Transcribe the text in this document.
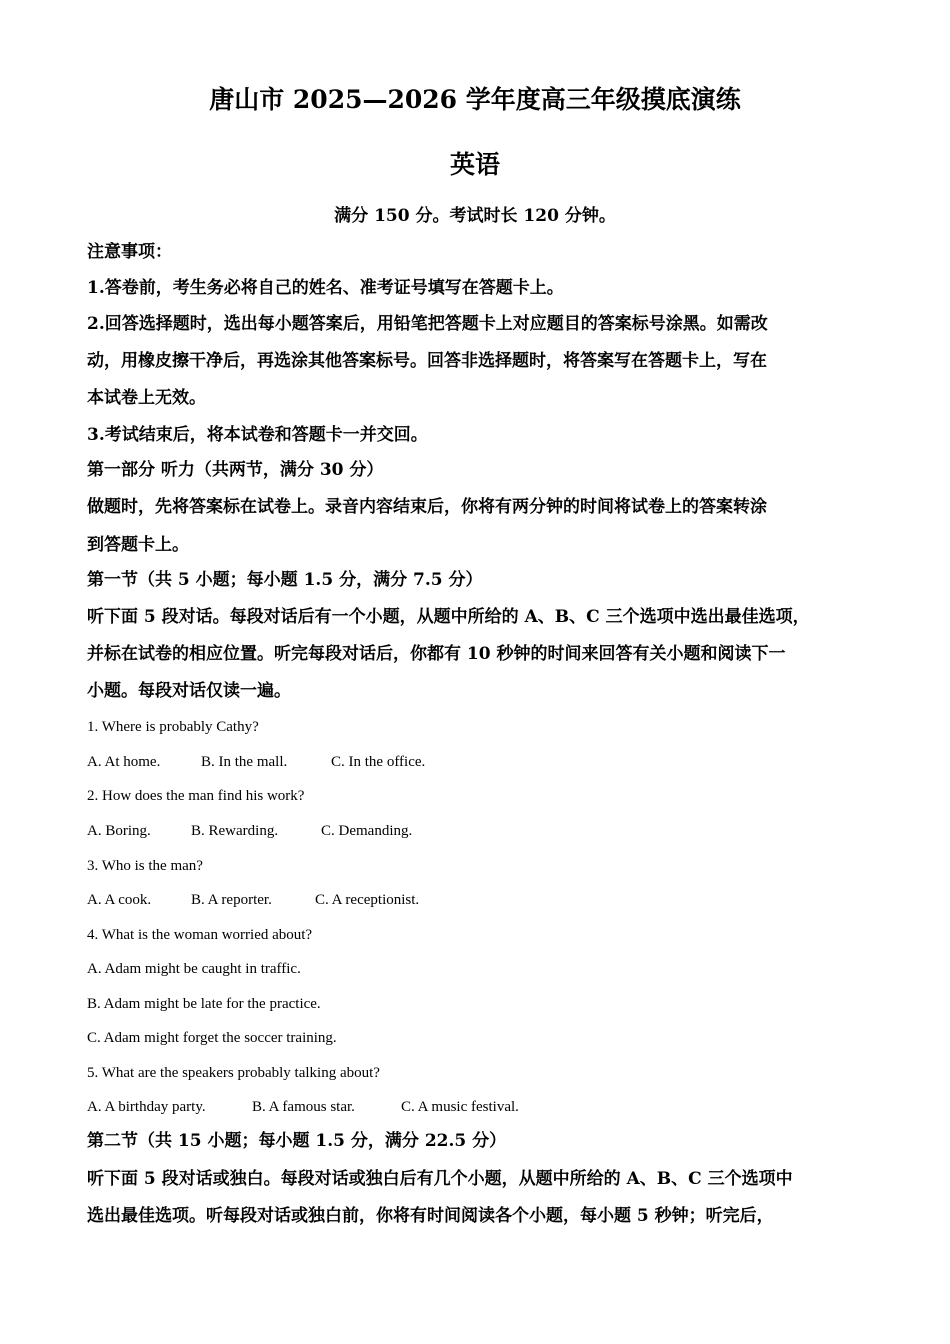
唐山市 2025—2026 学年度高三年级摸底演练
英语
满分 150 分。考试时长 120 分钟。
注意事项：
1.答卷前，考生务必将自己的姓名、准考证号填写在答题卡上。
2.回答选择题时，选出每小题答案后，用铅笔把答题卡上对应题目的答案标号涂黑。如需改
动，用橡皮擦干净后，再选涂其他答案标号。回答非选择题时，将答案写在答题卡上，写在
本试卷上无效。
3.考试结束后，将本试卷和答题卡一并交回。
第一部分 听力（共两节，满分 30 分）
做题时，先将答案标在试卷上。录音内容结束后，你将有两分钟的时间将试卷上的答案转涂
到答题卡上。
第一节（共 5 小题；每小题 1.5 分，满分 7.5 分）
听下面 5 段对话。每段对话后有一个小题，从题中所给的 A、B、C 三个选项中选出最佳选项，
并标在试卷的相应位置。听完每段对话后，你都有 10 秒钟的时间来回答有关小题和阅读下一
小题。每段对话仅读一遍。
1. Where is probably Cathy?
A. At home.	B. In the mall.	C. In the office.
2. How does the man find his work?
A. Boring.	B. Rewarding.	C. Demanding.
3. Who is the man?
A. A cook.	B. A reporter.	C. A receptionist.
4. What is the woman worried about?
A. Adam might be caught in traffic.
B. Adam might be late for the practice.
C. Adam might forget the soccer training.
5. What are the speakers probably talking about?
A. A birthday party.	B. A famous star.	C. A music festival.
第二节（共 15 小题；每小题 1.5 分，满分 22.5 分）
听下面 5 段对话或独白。每段对话或独白后有几个小题，从题中所给的 A、B、C 三个选项中
选出最佳选项。听每段对话或独白前，你将有时间阅读各个小题，每小题 5 秒钟；听完后，
